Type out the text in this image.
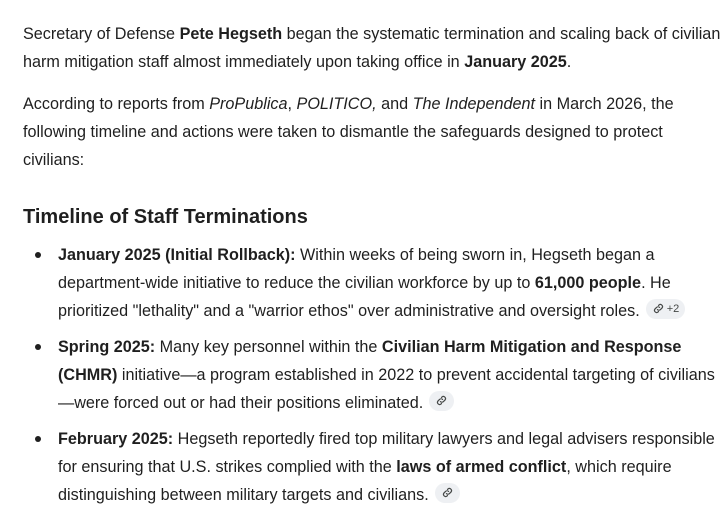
Secretary of Defense Pete Hegseth began the systematic termination and scaling back of civilian harm mitigation staff almost immediately upon taking office in January 2025.

According to reports from ProPublica, POLITICO, and The Independent in March 2026, the following timeline and actions were taken to dismantle the safeguards designed to protect civilians:

Timeline of Staff Terminations
January 2025 (Initial Rollback): Within weeks of being sworn in, Hegseth began a department-wide initiative to reduce the civilian workforce by up to 61,000 people. He prioritized "lethality" and a "warrior ethos" over administrative and oversight roles. +2
Spring 2025: Many key personnel within the Civilian Harm Mitigation and Response (CHMR) initiative—a program established in 2022 to prevent accidental targeting of civilians—were forced out or had their positions eliminated.
February 2025: Hegseth reportedly fired top military lawyers and legal advisers responsible for ensuring that U.S. strikes complied with the laws of armed conflict, which require distinguishing between military targets and civilians.
